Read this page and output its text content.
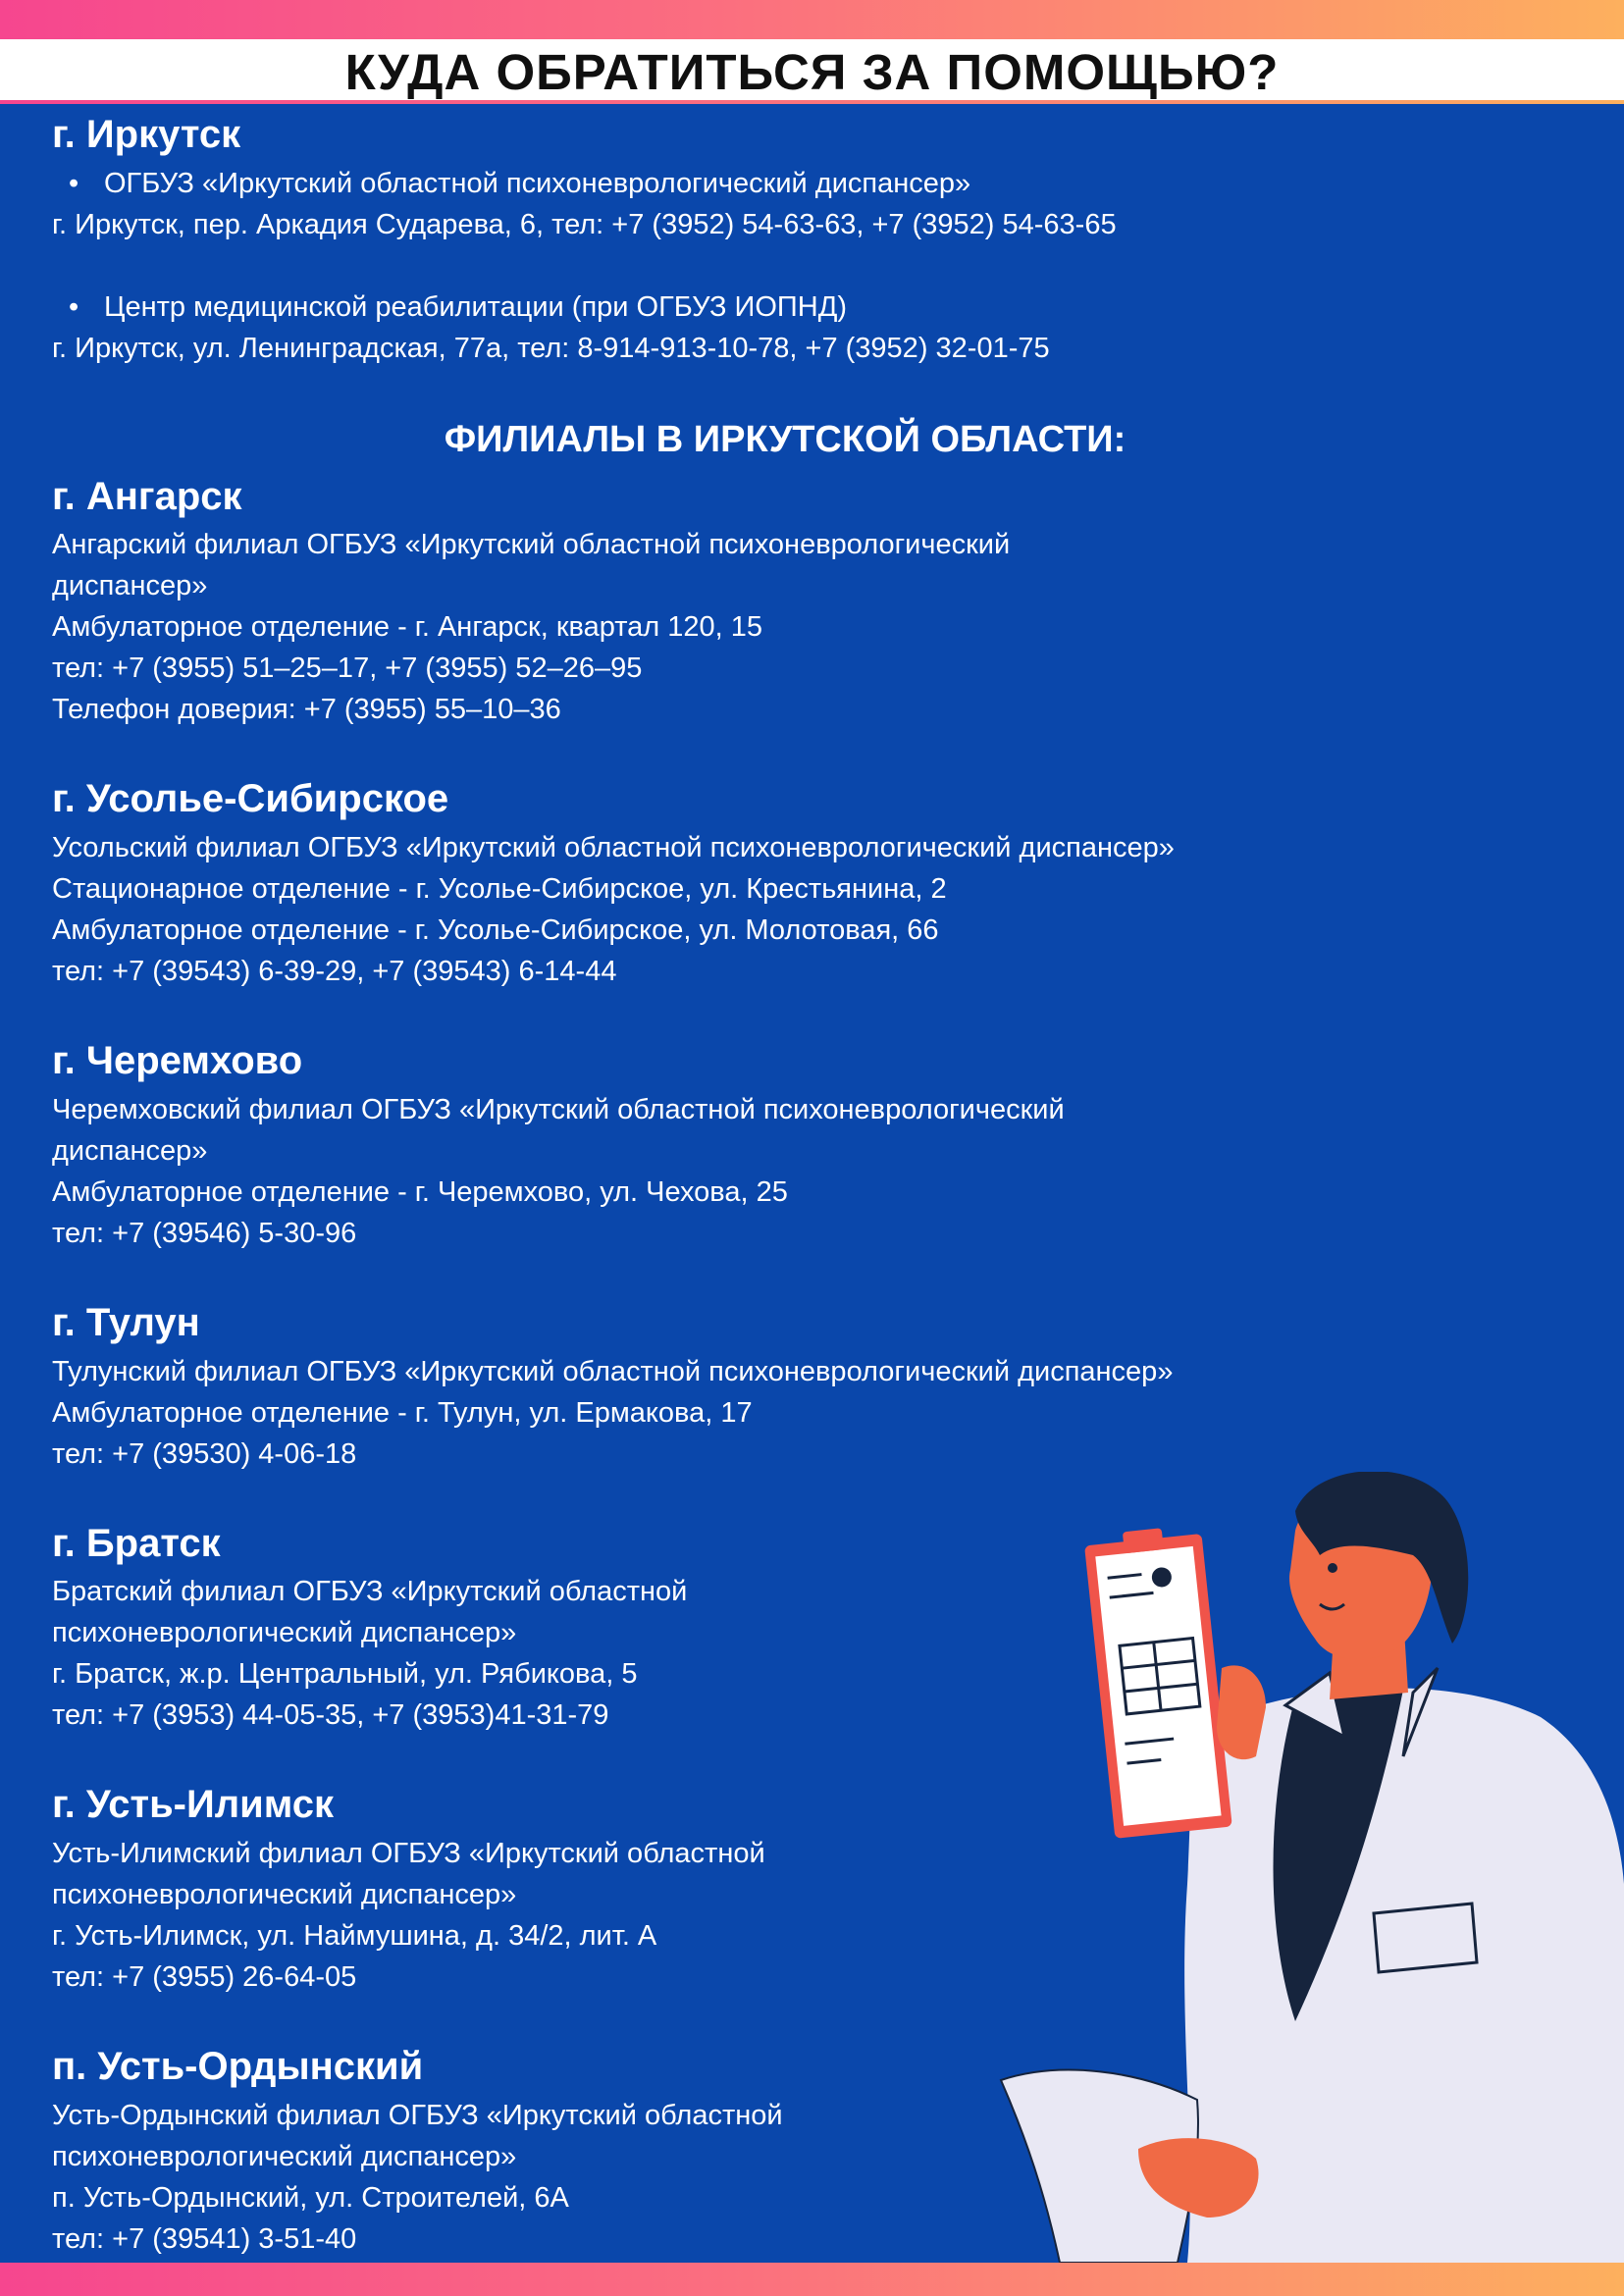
КУДА ОБРАТИТЬСЯ ЗА ПОМОЩЬЮ?
г. Иркутск
• ОГБУЗ «Иркутский областной психоневрологический диспансер»
г. Иркутск, пер. Аркадия Сударева, 6, тел: +7 (3952) 54-63-63, +7 (3952) 54-63-65
• Центр медицинской реабилитации (при ОГБУЗ ИОПНД)
г. Иркутск, ул. Ленинградская, 77а, тел: 8-914-913-10-78, +7 (3952) 32-01-75
ФИЛИАЛЫ В ИРКУТСКОЙ ОБЛАСТИ:
г. Ангарск
Ангарский филиал ОГБУЗ «Иркутский областной психоневрологический
диспансер»
Амбулаторное отделение - г. Ангарск, квартал 120, 15
тел: +7 (3955) 51–25–17, +7 (3955) 52–26–95
Телефон доверия: +7 (3955) 55–10–36
г. Усолье-Сибирское
Усольский филиал ОГБУЗ «Иркутский областной психоневрологический диспансер»
Стационарное отделение - г. Усолье-Сибирское, ул. Крестьянина, 2
Амбулаторное отделение - г. Усолье-Сибирское, ул. Молотовая, 66
тел: +7 (39543) 6-39-29, +7 (39543) 6-14-44
г. Черемхово
Черемховский филиал ОГБУЗ «Иркутский областной психоневрологический
диспансер»
Амбулаторное отделение - г. Черемхово, ул. Чехова, 25
тел: +7 (39546) 5-30-96
г. Тулун
Тулунский филиал ОГБУЗ «Иркутский областной психоневрологический диспансер»
Амбулаторное отделение - г. Тулун, ул. Ермакова, 17
тел: +7 (39530) 4-06-18
г. Братск
Братский филиал ОГБУЗ «Иркутский областной
психоневрологический диспансер»
г. Братск, ж.р. Центральный, ул. Рябикова, 5
тел: +7 (3953) 44-05-35, +7 (3953)41-31-79
г. Усть-Илимск
Усть-Илимский филиал ОГБУЗ «Иркутский областной
психоневрологический диспансер»
г. Усть-Илимск, ул. Наймушина, д. 34/2, лит. А
тел: +7 (3955) 26-64-05
п. Усть-Ордынский
Усть-Ордынский филиал ОГБУЗ «Иркутский областной
психоневрологический диспансер»
п. Усть-Ордынский, ул. Строителей, 6А
тел: +7 (39541) 3-51-40
